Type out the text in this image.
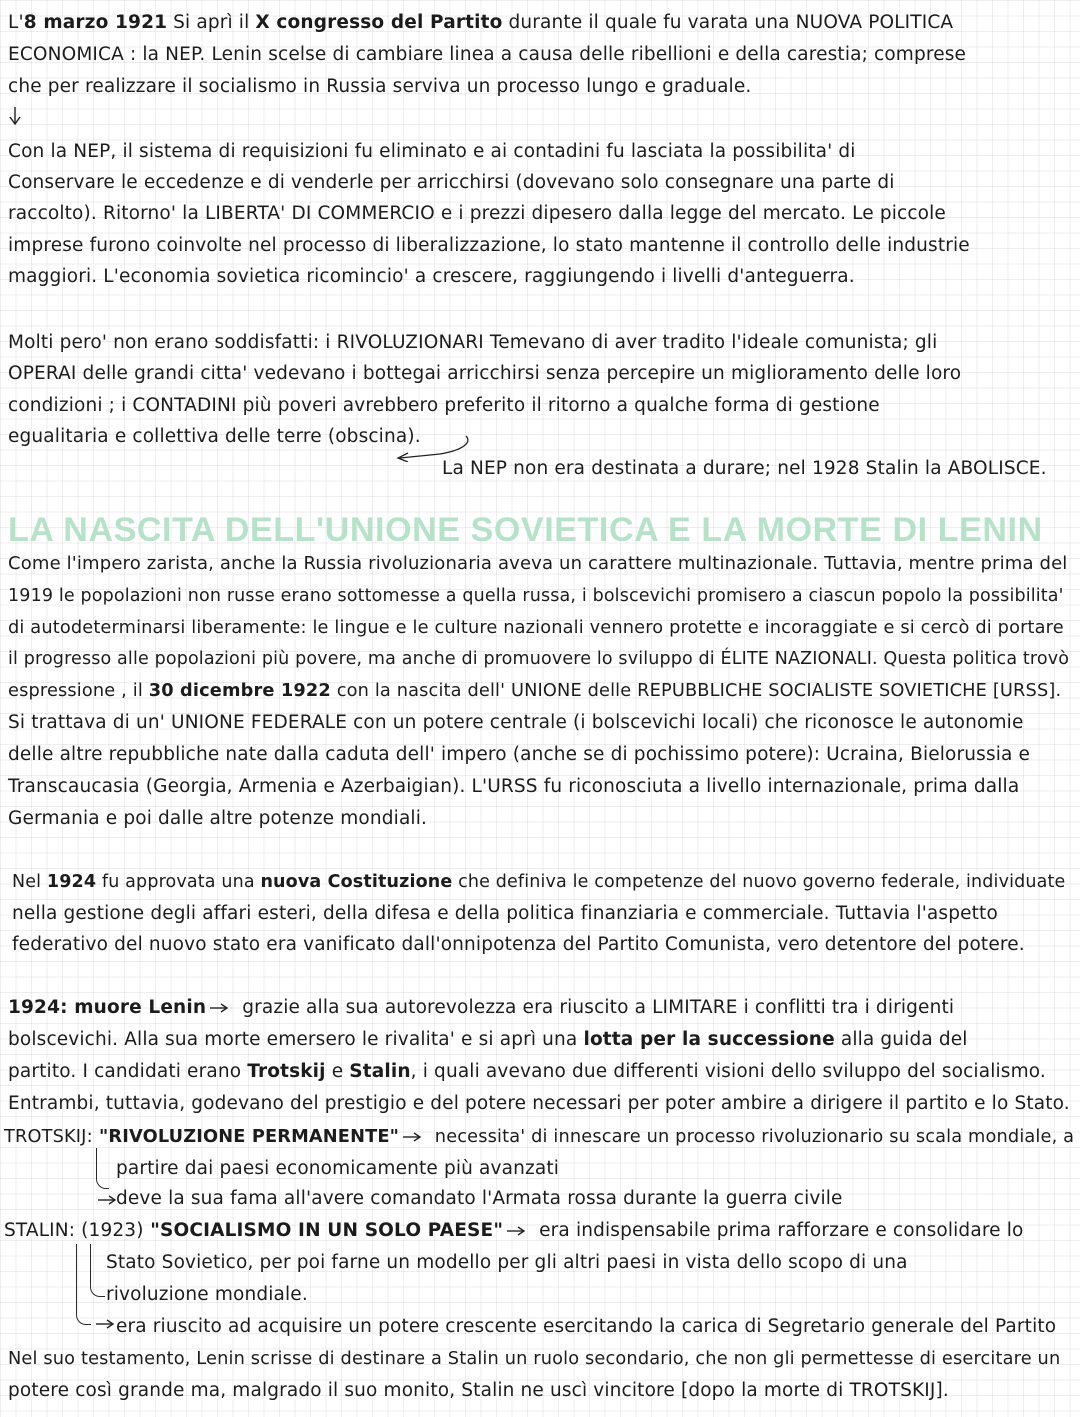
L'8 marzo 1921 Si aprì il X congresso del Partito durante il quale fu varata una NUOVA POLITICA
ECONOMICA : la NEP. Lenin scelse di cambiare linea a causa delle ribellioni e della carestia; comprese
che per realizzare il socialismo in Russia serviva un processo lungo e graduale.
Con la NEP, il sistema di requisizioni fu eliminato e ai contadini fu lasciata la possibilita' di
Conservare le eccedenze e di venderle per arricchirsi (dovevano solo consegnare una parte di
raccolto). Ritorno' la LIBERTA' DI COMMERCIO e i prezzi dipesero dalla legge del mercato. Le piccole
imprese furono coinvolte nel processo di liberalizzazione, lo stato mantenne il controllo delle industrie
maggiori. L'economia sovietica ricomincio' a crescere, raggiungendo i livelli d'anteguerra.
Molti pero' non erano soddisfatti: i RIVOLUZIONARI Temevano di aver tradito l'ideale comunista; gli
OPERAI delle grandi citta' vedevano i bottegai arricchirsi senza percepire un miglioramento delle loro
condizioni ; i CONTADINI più poveri avrebbero preferito il ritorno a qualche forma di gestione
egualitaria e collettiva delle terre (obscina).
La NEP non era destinata a durare; nel 1928 Stalin la ABOLISCE.
LA NASCITA DELL'UNIONE SOVIETICA E LA MORTE DI LENIN
Come l'impero zarista, anche la Russia rivoluzionaria aveva un carattere multinazionale. Tuttavia, mentre prima del
1919 le popolazioni non russe erano sottomesse a quella russa, i bolscevichi promisero a ciascun popolo la possibilita'
di autodeterminarsi liberamente: le lingue e le culture nazionali vennero protette e incoraggiate e si cercò di portare
il progresso alle popolazioni più povere, ma anche di promuovere lo sviluppo di ÉLITE NAZIONALI. Questa politica trovò
espressione , il 30 dicembre 1922 con la nascita dell' UNIONE delle REPUBBLICHE SOCIALISTE SOVIETICHE [URSS].
Si trattava di un' UNIONE FEDERALE con un potere centrale (i bolscevichi locali) che riconosce le autonomie
delle altre repubbliche nate dalla caduta dell' impero (anche se di pochissimo potere): Ucraina, Bielorussia e
Transcaucasia (Georgia, Armenia e Azerbaigian). L'URSS fu riconosciuta a livello internazionale, prima dalla
Germania e poi dalle altre potenze mondiali.
Nel 1924 fu approvata una nuova Costituzione che definiva le competenze del nuovo governo federale, individuate
nella gestione degli affari esteri, della difesa e della politica finanziaria e commerciale. Tuttavia l'aspetto
federativo del nuovo stato era vanificato dall'onnipotenza del Partito Comunista, vero detentore del potere.
1924: muore Lenin grazie alla sua autorevolezza era riuscito a LIMITARE i conflitti tra i dirigenti
bolscevichi. Alla sua morte emersero le rivalita' e si aprì una lotta per la successione alla guida del
partito. I candidati erano Trotskij e Stalin, i quali avevano due differenti visioni dello sviluppo del socialismo.
Entrambi, tuttavia, godevano del prestigio e del potere necessari per poter ambire a dirigere il partito e lo Stato.
TROTSKIJ: "RIVOLUZIONE PERMANENTE" necessita' di innescare un processo rivoluzionario su scala mondiale, a
partire dai paesi economicamente più avanzati
deve la sua fama all'avere comandato l'Armata rossa durante la guerra civile
STALIN: (1923) "SOCIALISMO IN UN SOLO PAESE" era indispensabile prima rafforzare e consolidare lo
Stato Sovietico, per poi farne un modello per gli altri paesi in vista dello scopo di una
rivoluzione mondiale.
era riuscito ad acquisire un potere crescente esercitando la carica di Segretario generale del Partito
Nel suo testamento, Lenin scrisse di destinare a Stalin un ruolo secondario, che non gli permettesse di esercitare un
potere così grande ma, malgrado il suo monito, Stalin ne uscì vincitore [dopo la morte di TROTSKIJ].
